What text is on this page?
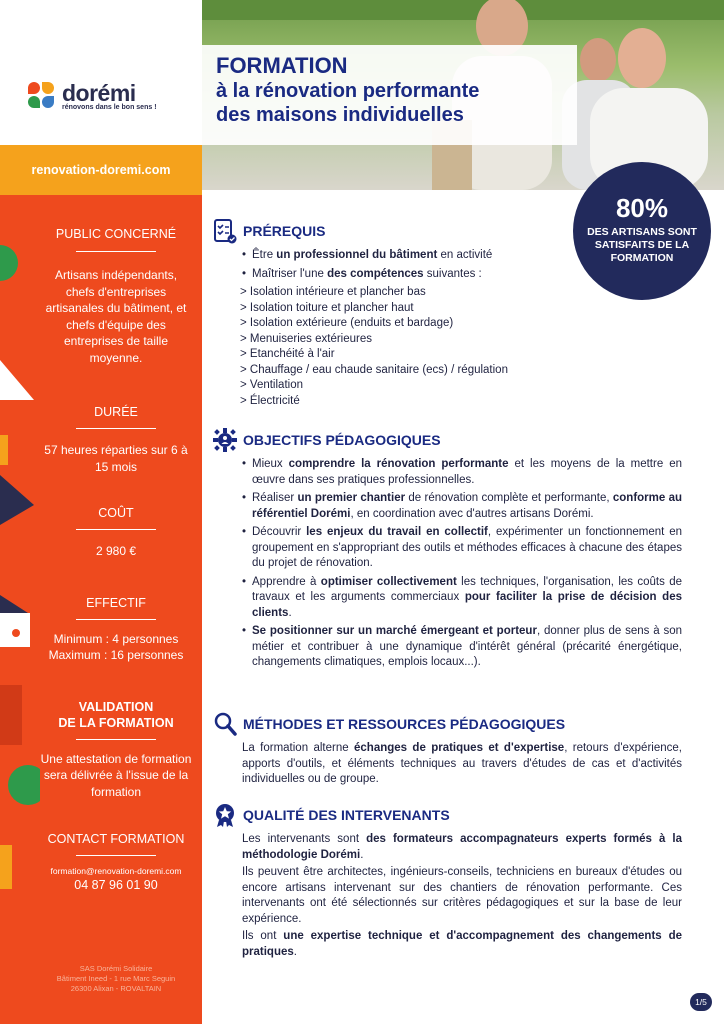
dorémi
rénovons dans le bon sens !
renovation-doremi.com
PUBLIC CONCERNÉ
Artisans indépendants, chefs d'entreprises artisanales du bâtiment, et chefs d'équipe des entreprises de taille moyenne.
DURÉE
57 heures réparties sur 6 à 15 mois
COÛT
2 980 €
EFFECTIF
Minimum : 4 personnes
Maximum : 16 personnes
VALIDATION
DE LA FORMATION
Une attestation de formation sera délivrée à l'issue de la formation
CONTACT FORMATION
formation@renovation-doremi.com
04 87 96 01 90
SAS Dorémi Solidaire
Bâtiment Ineed - 1 rue Marc Seguin
26300 Alixan - ROVALTAIN
FORMATION
à la rénovation performante
des maisons individuelles
80%
DES ARTISANS SONT SATISFAITS DE LA FORMATION
PRÉREQUIS
• Être un professionnel du bâtiment en activité
• Maîtriser l'une des compétences suivantes :
> Isolation intérieure et plancher bas
> Isolation toiture et plancher haut
> Isolation extérieure (enduits et bardage)
> Menuiseries extérieures
> Etanchéité à l'air
> Chauffage / eau chaude sanitaire (ecs) / régulation
> Ventilation
> Électricité
OBJECTIFS PÉDAGOGIQUES
• Mieux comprendre la rénovation performante et les moyens de la mettre en œuvre dans ses pratiques professionnelles.
• Réaliser un premier chantier de rénovation complète et performante, conforme au référentiel Dorémi, en coordination avec d'autres artisans Dorémi.
• Découvrir les enjeux du travail en collectif, expérimenter un fonctionnement en groupement en s'appropriant des outils et méthodes efficaces à chacune des étapes du projet de rénovation.
• Apprendre à optimiser collectivement les techniques, l'organisation, les coûts de travaux et les arguments commerciaux pour faciliter la prise de décision des clients.
• Se positionner sur un marché émergeant et porteur, donner plus de sens à son métier et contribuer à une dynamique d'intérêt général (précarité énergétique, changements climatiques, emplois locaux...).
MÉTHODES ET RESSOURCES PÉDAGOGIQUES
La formation alterne échanges de pratiques et d'expertise, retours d'expérience, apports d'outils, et éléments techniques au travers d'études de cas et d'activités individuelles ou de groupe.
QUALITÉ DES INTERVENANTS
Les intervenants sont des formateurs accompagnateurs experts formés à la méthodologie Dorémi.
Ils peuvent être architectes, ingénieurs-conseils, techniciens en bureaux d'études ou encore artisans intervenant sur des chantiers de rénovation performante. Ces intervenants ont été sélectionnés sur critères pédagogiques et sur la base de leur expérience.
Ils ont une expertise technique et d'accompagnement des changements de pratiques.
1/5
